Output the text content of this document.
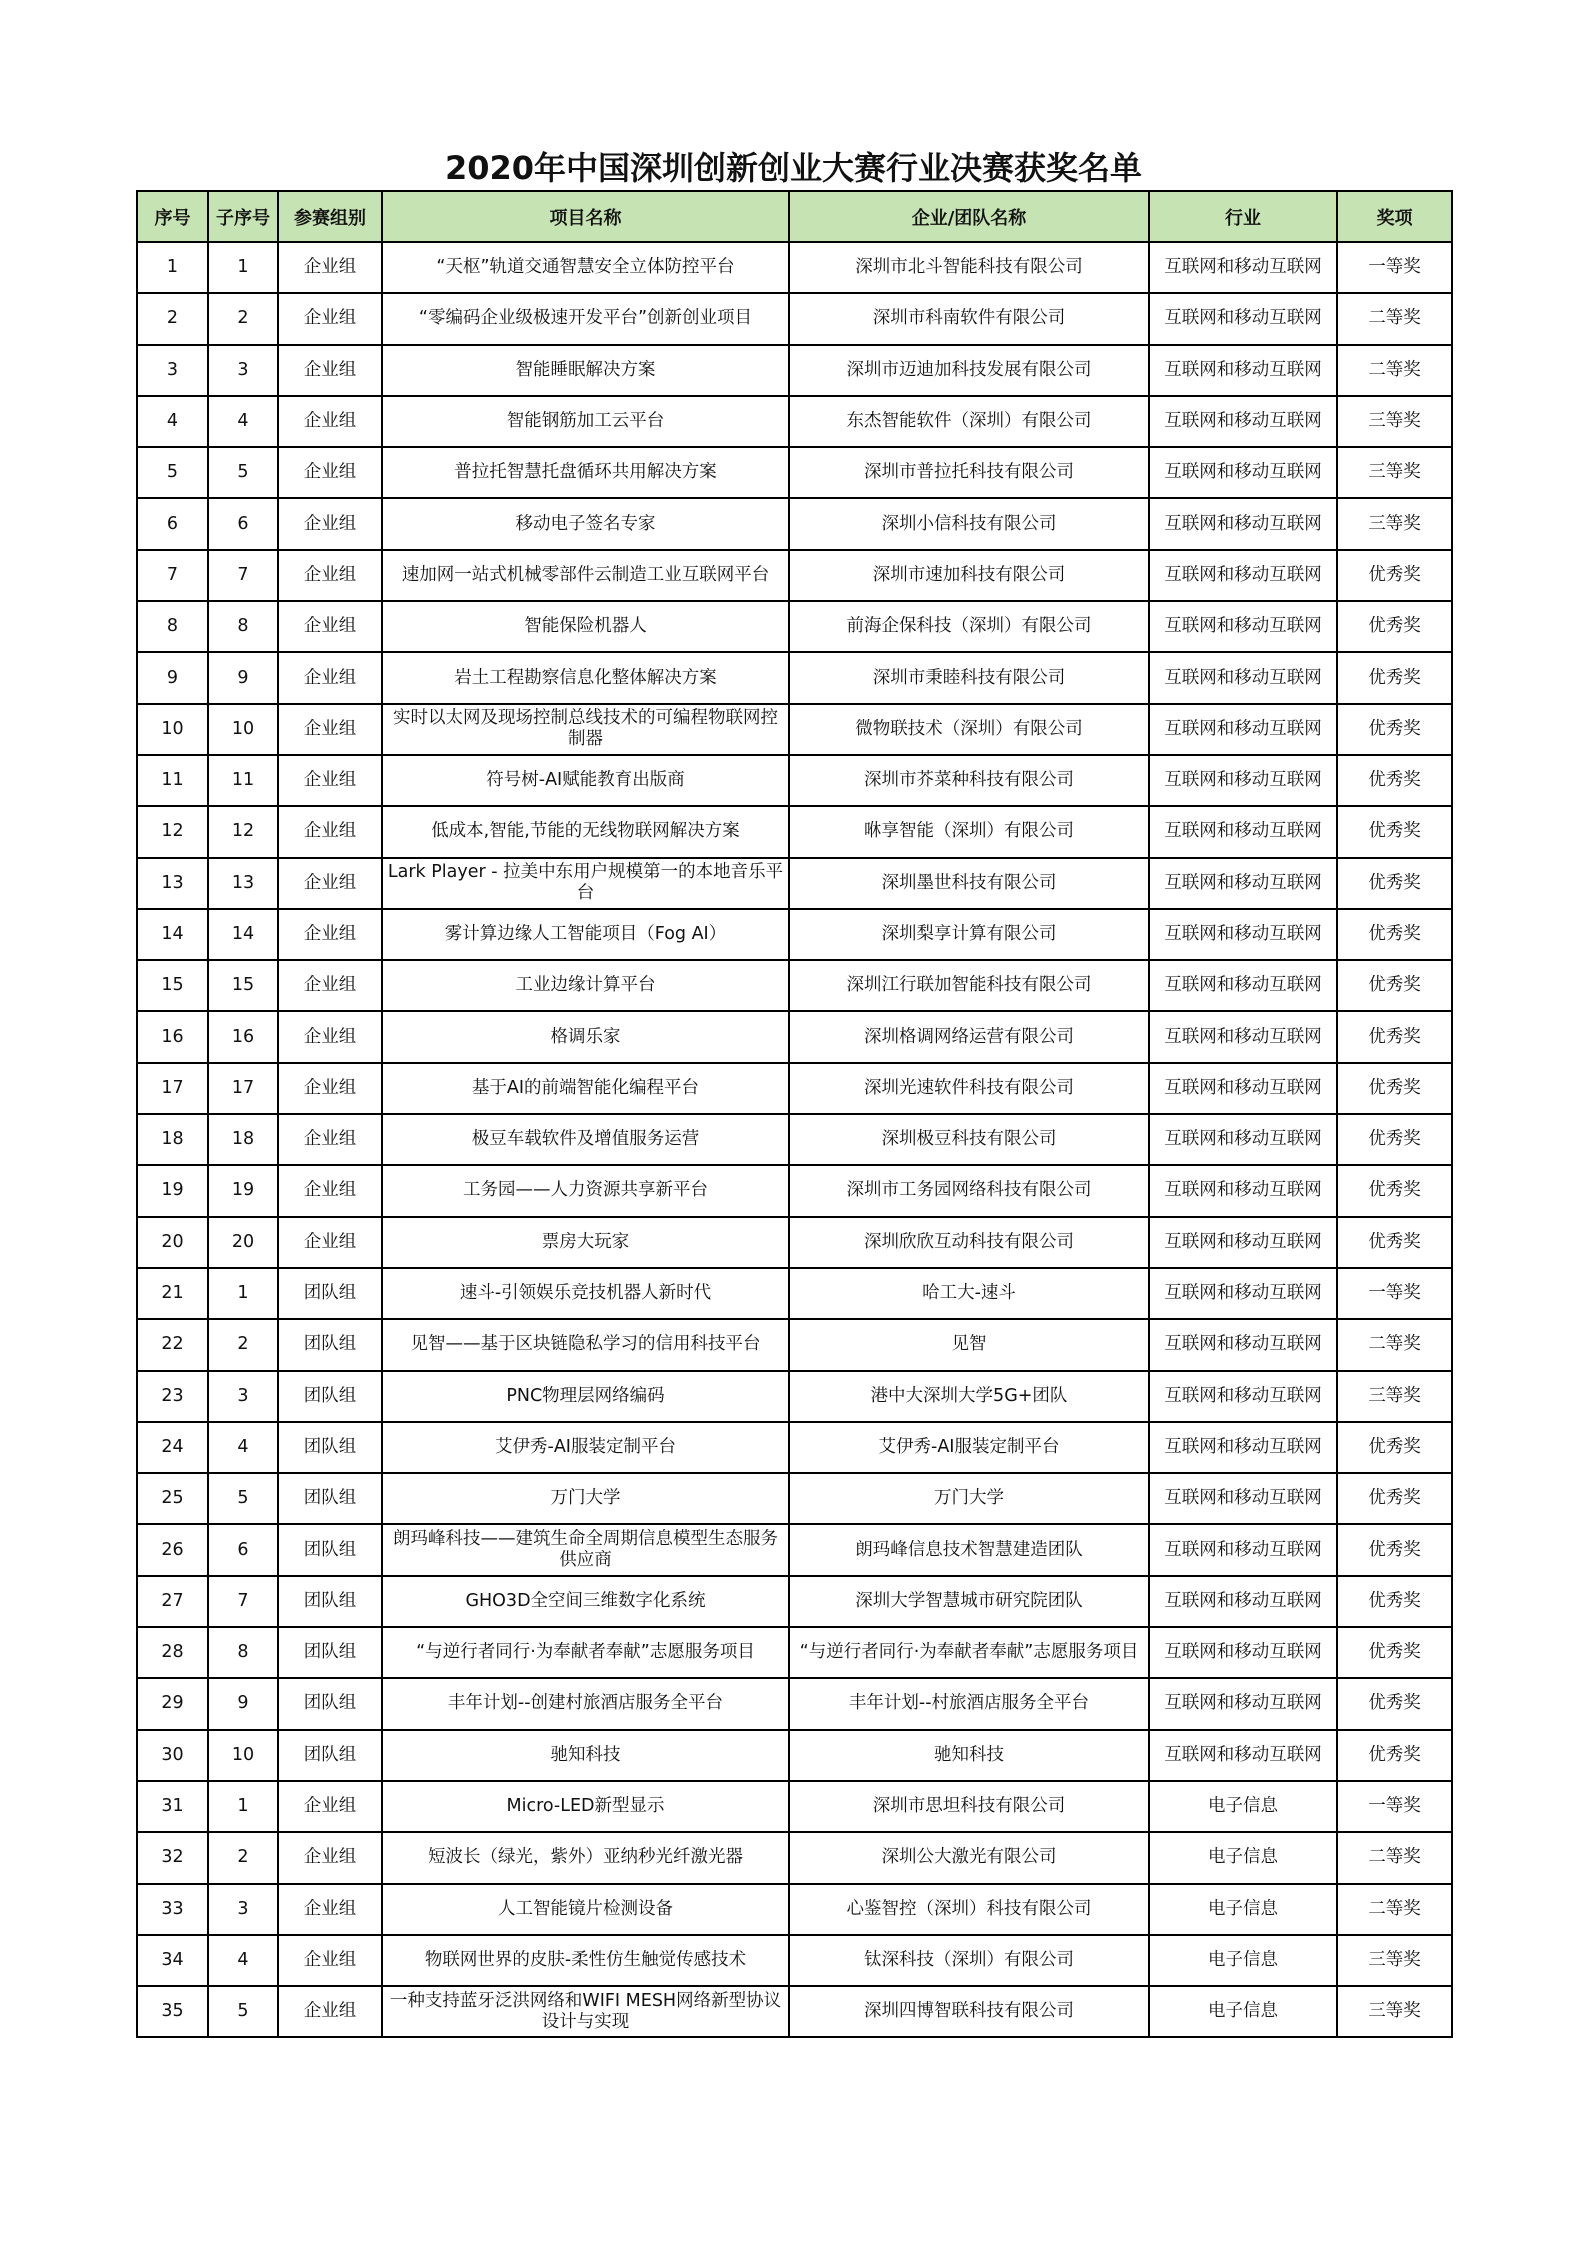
2020年中国深圳创新创业大赛行业决赛获奖名单
序号	子序号	参赛组别	项目名称	企业/团队名称	行业	奖项
1	1	企业组	“天枢”轨道交通智慧安全立体防控平台	深圳市北斗智能科技有限公司	互联网和移动互联网	一等奖
2	2	企业组	“零编码企业级极速开发平台”创新创业项目	深圳市科南软件有限公司	互联网和移动互联网	二等奖
3	3	企业组	智能睡眠解决方案	深圳市迈迪加科技发展有限公司	互联网和移动互联网	二等奖
4	4	企业组	智能钢筋加工云平台	东杰智能软件（深圳）有限公司	互联网和移动互联网	三等奖
5	5	企业组	普拉托智慧托盘循环共用解决方案	深圳市普拉托科技有限公司	互联网和移动互联网	三等奖
6	6	企业组	移动电子签名专家	深圳小信科技有限公司	互联网和移动互联网	三等奖
7	7	企业组	速加网一站式机械零部件云制造工业互联网平台	深圳市速加科技有限公司	互联网和移动互联网	优秀奖
8	8	企业组	智能保险机器人	前海企保科技（深圳）有限公司	互联网和移动互联网	优秀奖
9	9	企业组	岩土工程勘察信息化整体解决方案	深圳市秉睦科技有限公司	互联网和移动互联网	优秀奖
10	10	企业组	实时以太网及现场控制总线技术的可编程物联网控制器	微物联技术（深圳）有限公司	互联网和移动互联网	优秀奖
11	11	企业组	符号树-AI赋能教育出版商	深圳市芥菜种科技有限公司	互联网和移动互联网	优秀奖
12	12	企业组	低成本,智能,节能的无线物联网解决方案	咻享智能（深圳）有限公司	互联网和移动互联网	优秀奖
13	13	企业组	Lark Player - 拉美中东用户规模第一的本地音乐平台	深圳墨世科技有限公司	互联网和移动互联网	优秀奖
14	14	企业组	雾计算边缘人工智能项目（Fog AI）	深圳梨享计算有限公司	互联网和移动互联网	优秀奖
15	15	企业组	工业边缘计算平台	深圳江行联加智能科技有限公司	互联网和移动互联网	优秀奖
16	16	企业组	格调乐家	深圳格调网络运营有限公司	互联网和移动互联网	优秀奖
17	17	企业组	基于AI的前端智能化编程平台	深圳光速软件科技有限公司	互联网和移动互联网	优秀奖
18	18	企业组	极豆车载软件及增值服务运营	深圳极豆科技有限公司	互联网和移动互联网	优秀奖
19	19	企业组	工务园——人力资源共享新平台	深圳市工务园网络科技有限公司	互联网和移动互联网	优秀奖
20	20	企业组	票房大玩家	深圳欣欣互动科技有限公司	互联网和移动互联网	优秀奖
21	1	团队组	速斗-引领娱乐竞技机器人新时代	哈工大-速斗	互联网和移动互联网	一等奖
22	2	团队组	见智——基于区块链隐私学习的信用科技平台	见智	互联网和移动互联网	二等奖
23	3	团队组	PNC物理层网络编码	港中大深圳大学5G+团队	互联网和移动互联网	三等奖
24	4	团队组	艾伊秀-AI服装定制平台	艾伊秀-AI服装定制平台	互联网和移动互联网	优秀奖
25	5	团队组	万门大学	万门大学	互联网和移动互联网	优秀奖
26	6	团队组	朗玛峰科技——建筑生命全周期信息模型生态服务供应商	朗玛峰信息技术智慧建造团队	互联网和移动互联网	优秀奖
27	7	团队组	GHO3D全空间三维数字化系统	深圳大学智慧城市研究院团队	互联网和移动互联网	优秀奖
28	8	团队组	“与逆行者同行·为奉献者奉献”志愿服务项目	“与逆行者同行·为奉献者奉献”志愿服务项目	互联网和移动互联网	优秀奖
29	9	团队组	丰年计划--创建村旅酒店服务全平台	丰年计划--村旅酒店服务全平台	互联网和移动互联网	优秀奖
30	10	团队组	驰知科技	驰知科技	互联网和移动互联网	优秀奖
31	1	企业组	Micro-LED新型显示	深圳市思坦科技有限公司	电子信息	一等奖
32	2	企业组	短波长（绿光，紫外）亚纳秒光纤激光器	深圳公大激光有限公司	电子信息	二等奖
33	3	企业组	人工智能镜片检测设备	心鉴智控（深圳）科技有限公司	电子信息	二等奖
34	4	企业组	物联网世界的皮肤-柔性仿生触觉传感技术	钛深科技（深圳）有限公司	电子信息	三等奖
35	5	企业组	一种支持蓝牙泛洪网络和WIFI MESH网络新型协议设计与实现	深圳四博智联科技有限公司	电子信息	三等奖
